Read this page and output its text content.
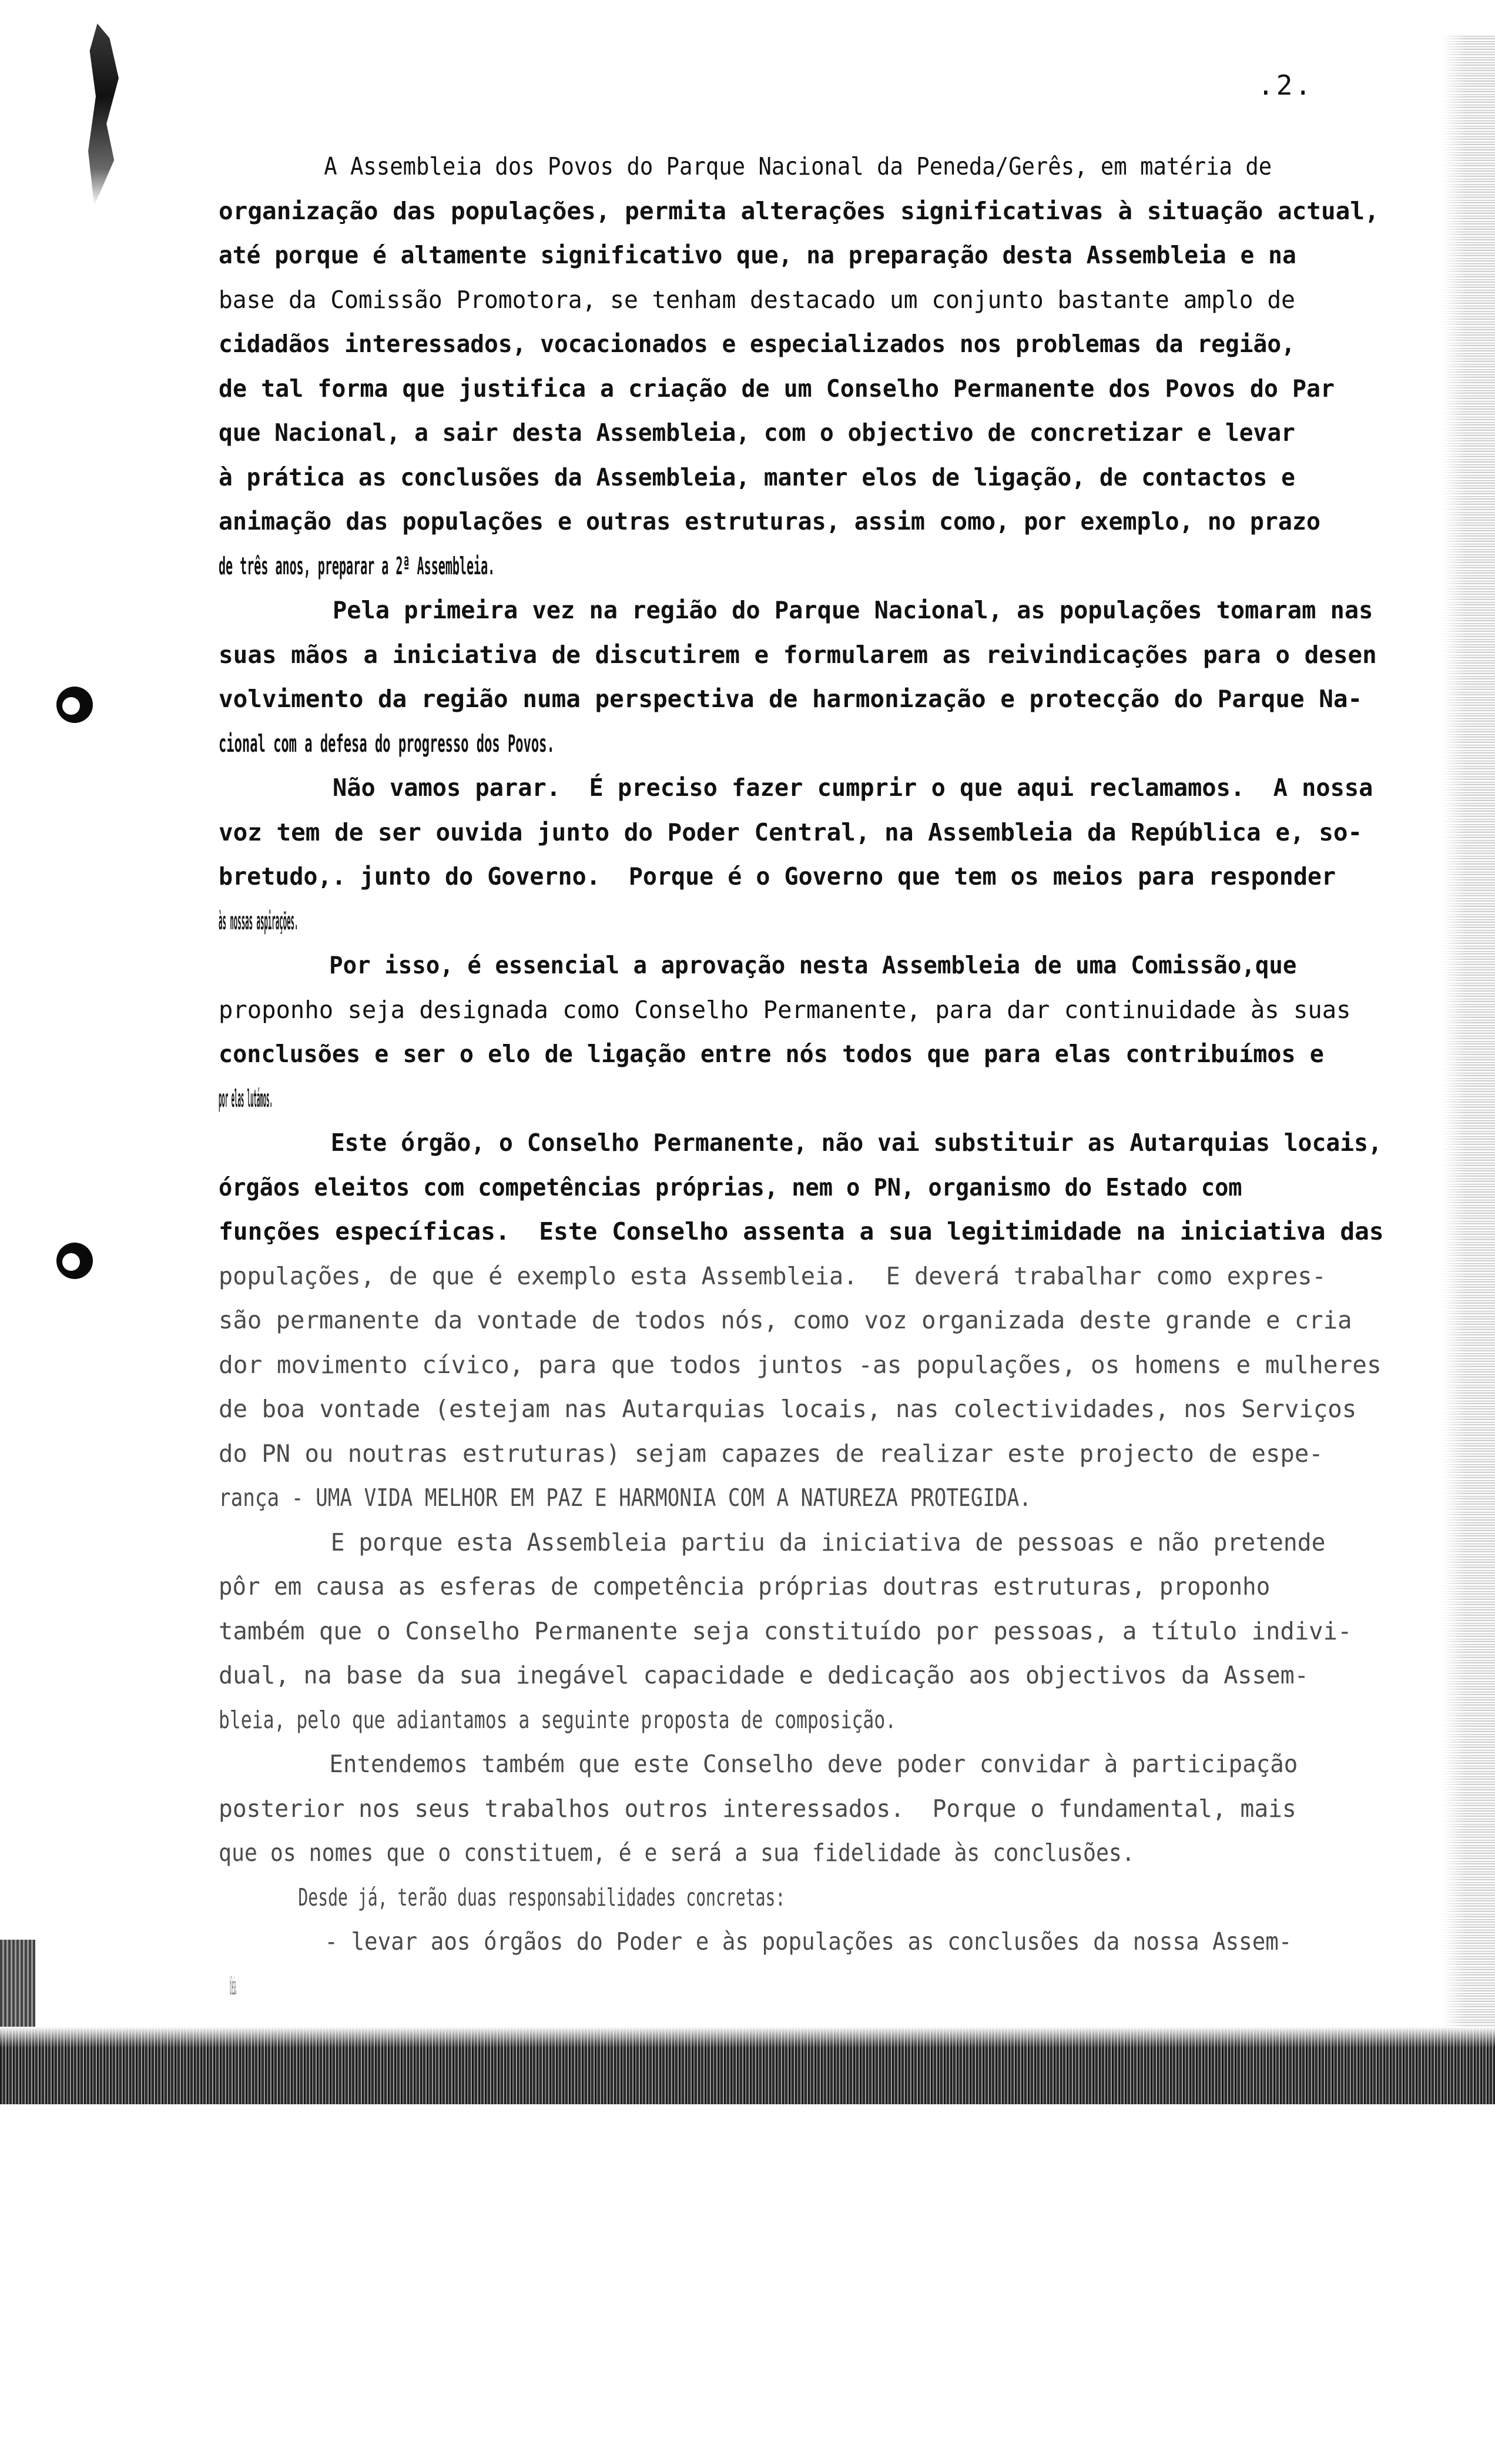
.2.
A Assembleia dos Povos do Parque Nacional da Peneda/Gerês, em matéria de
organização das populações, permita alterações significativas à situação actual,
até porque é altamente significativo que, na preparação desta Assembleia e na
base da Comissão Promotora, se tenham destacado um conjunto bastante amplo de
cidadãos interessados, vocacionados e especializados nos problemas da região,
de tal forma que justifica a criação de um Conselho Permanente dos Povos do Par
que Nacional, a sair desta Assembleia, com o objectivo de concretizar e levar
à prática as conclusões da Assembleia, manter elos de ligação, de contactos e
animação das populações e outras estruturas, assim como, por exemplo, no prazo
de três anos, preparar a 2ª Assembleia.
Pela primeira vez na região do Parque Nacional, as populações tomaram nas
suas mãos a iniciativa de discutirem e formularem as reivindicações para o desen
volvimento da região numa perspectiva de harmonização e protecção do Parque Na-
cional com a defesa do progresso dos Povos.
Não vamos parar.  É preciso fazer cumprir o que aqui reclamamos.  A nossa
voz tem de ser ouvida junto do Poder Central, na Assembleia da República e, so-
bretudo,. junto do Governo.  Porque é o Governo que tem os meios para responder
às nossas aspirações.
Por isso, é essencial a aprovação nesta Assembleia de uma Comissão,que
proponho seja designada como Conselho Permanente, para dar continuidade às suas
conclusões e ser o elo de ligação entre nós todos que para elas contribuímos e
por elas lutámos.
Este órgão, o Conselho Permanente, não vai substituir as Autarquias locais,
órgãos eleitos com competências próprias, nem o PN, organismo do Estado com
funções específicas.  Este Conselho assenta a sua legitimidade na iniciativa das
populações, de que é exemplo esta Assembleia.  E deverá trabalhar como expres-
são permanente da vontade de todos nós, como voz organizada deste grande e cria
dor movimento cívico, para que todos juntos -as populações, os homens e mulheres
de boa vontade (estejam nas Autarquias locais, nas colectividades, nos Serviços
do PN ou noutras estruturas) sejam capazes de realizar este projecto de espe-
rança - UMA VIDA MELHOR EM PAZ E HARMONIA COM A NATUREZA PROTEGIDA.
E porque esta Assembleia partiu da iniciativa de pessoas e não pretende
pôr em causa as esferas de competência próprias doutras estruturas, proponho
também que o Conselho Permanente seja constituído por pessoas, a título indivi-
dual, na base da sua inegável capacidade e dedicação aos objectivos da Assem-
bleia, pelo que adiantamos a seguinte proposta de composição.
Entendemos também que este Conselho deve poder convidar à participação
posterior nos seus trabalhos outros interessados.  Porque o fundamental, mais
que os nomes que o constituem, é e será a sua fidelidade às conclusões.
Desde já, terão duas responsabilidades concretas:
- levar aos órgãos do Poder e às populações as conclusões da nossa Assem-
bleia.
